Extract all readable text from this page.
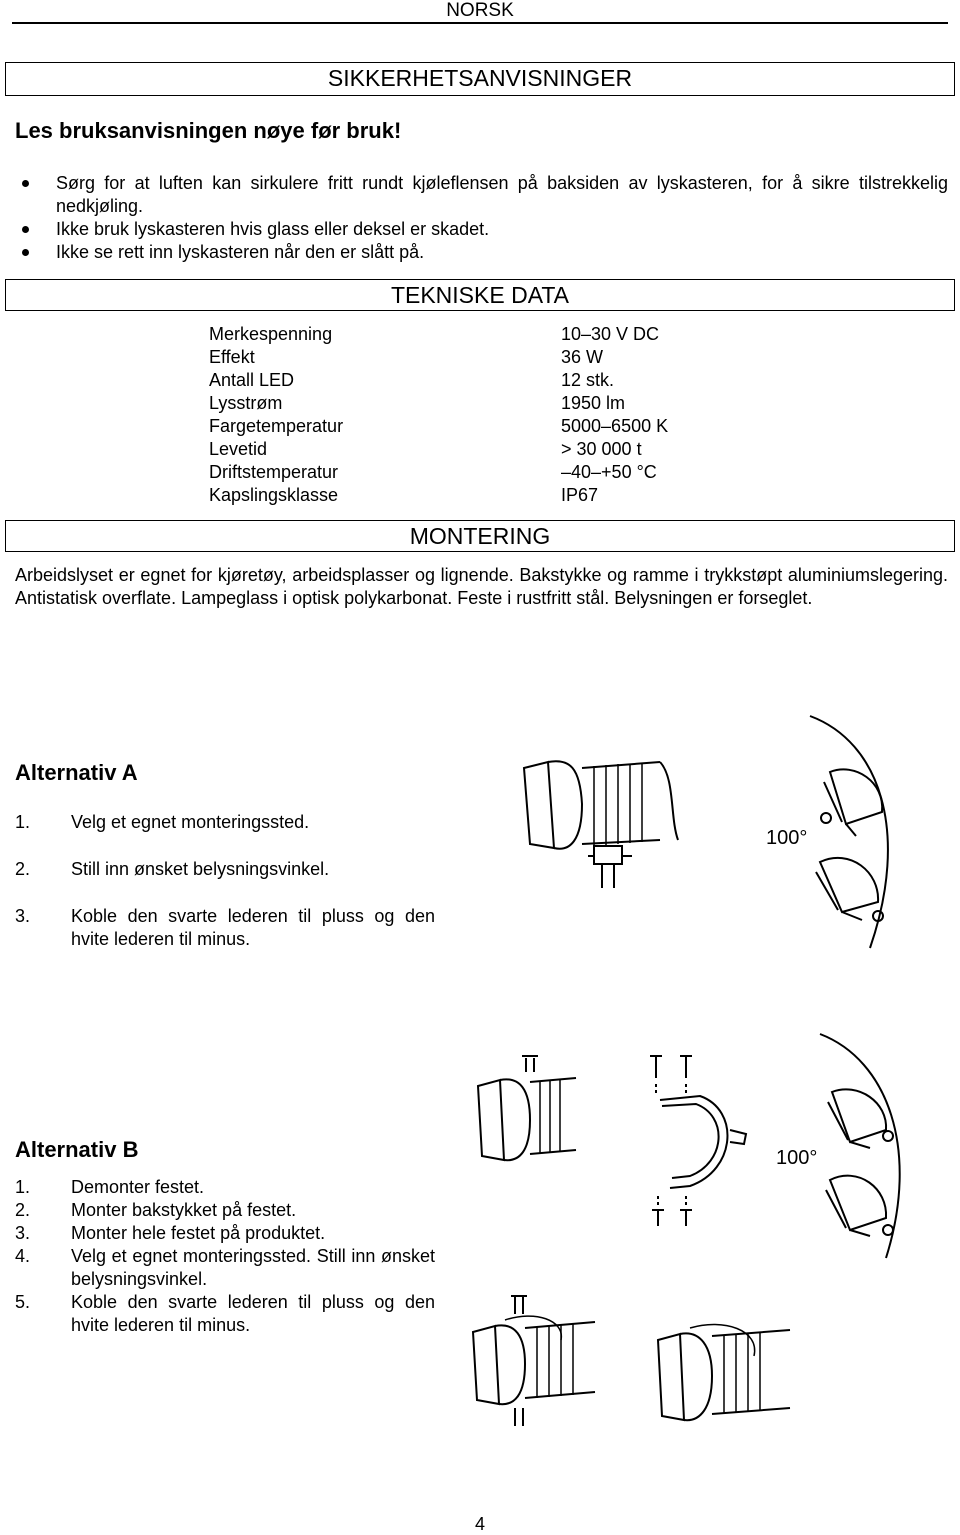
NORSK
SIKKERHETSANVISNINGER
Les bruksanvisningen nøye før bruk!
Sørg for at luften kan sirkulere fritt rundt kjøleflensen på baksiden av lyskasteren, for å sikre tilstrekkelig nedkjøling.
Ikke bruk lyskasteren hvis glass eller deksel er skadet.
Ikke se rett inn lyskasteren når den er slått på.
TEKNISKE DATA
Merkespenning	10–30 V DC
Effekt	36 W
Antall LED	12 stk.
Lysstrøm	1950 lm
Fargetemperatur	5000–6500 K
Levetid	> 30 000 t
Driftstemperatur	–40–+50 °C
Kapslingsklasse	IP67
MONTERING
Arbeidslyset er egnet for kjøretøy, arbeidsplasser og lignende. Bakstykke og ramme i trykkstøpt aluminiumslegering. Antistatisk overflate. Lampeglass i optisk polykarbonat. Feste i rustfritt stål. Belysningen er forseglet.
Alternativ A
1.	Velg et egnet monteringssted.
2.	Still inn ønsket belysningsvinkel.
3.	Koble den svarte lederen til pluss og den hvite lederen til minus.
100°
Alternativ B
1.	Demonter festet.
2.	Monter bakstykket på festet.
3.	Monter hele festet på produktet.
4.	Velg et egnet monteringssted. Still inn ønsket belysningsvinkel.
5.	Koble den svarte lederen til pluss og den hvite lederen til minus.
100°
4
